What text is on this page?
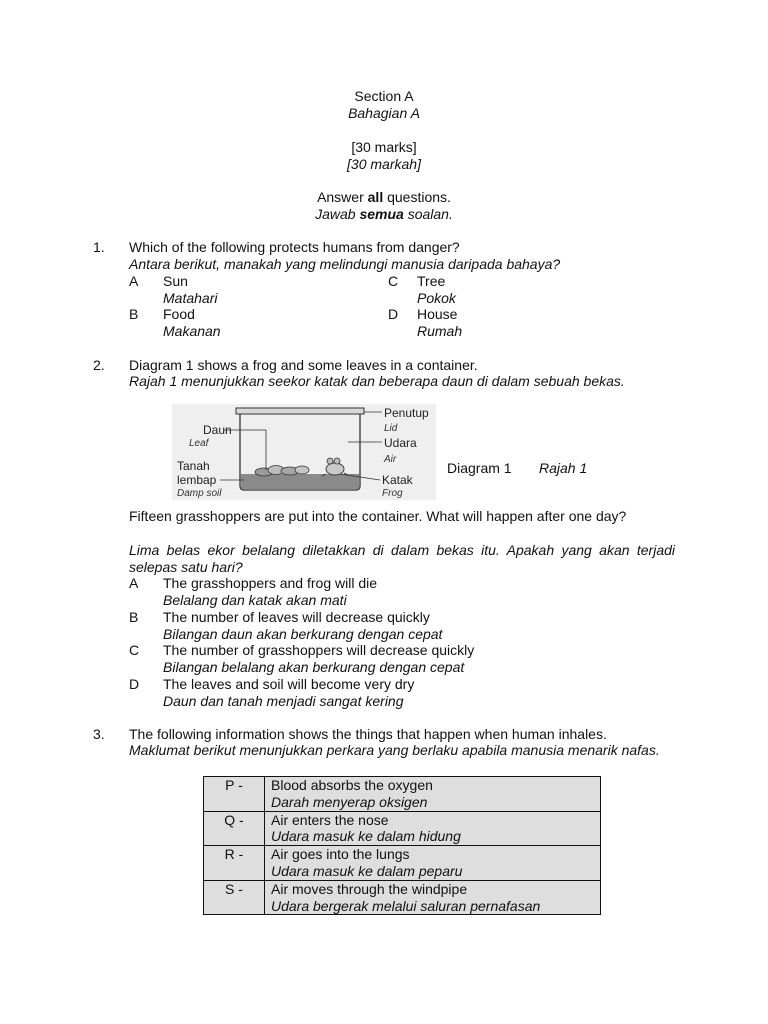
Section A
Bahagian A
[30 marks]
[30 markah]
Answer all questions.
Jawab semua soalan.
1. Which of the following protects humans from danger?
Antara berikut, manakah yang melindungi manusia daripada bahaya?
A Sun
Matahari
B Food
Makanan
C Tree
Pokok
D House
Rumah
2. Diagram 1 shows a frog and some leaves in a container.
Rajah 1 menunjukkan seekor katak dan beberapa daun di dalam sebuah bekas.
Daun
Leaf
Tanah
lembap
Damp soil
Penutup
Lid
Udara
Air
Katak
Frog
Diagram 1 Rajah 1
Fifteen grasshoppers are put into the container. What will happen after one day?
Lima belas ekor belalang diletakkan di dalam bekas itu. Apakah yang akan terjadi selepas satu hari?
A The grasshoppers and frog will die
Belalang dan katak akan mati
B The number of leaves will decrease quickly
Bilangan daun akan berkurang dengan cepat
C The number of grasshoppers will decrease quickly
Bilangan belalang akan berkurang dengan cepat
D The leaves and soil will become very dry
Daun dan tanah menjadi sangat kering
3. The following information shows the things that happen when human inhales.
Maklumat berikut menunjukkan perkara yang berlaku apabila manusia menarik nafas.
P -	Blood absorbs the oxygen
Darah menyerap oksigen

Q -	Air enters the nose
Udara masuk ke dalam hidung

R -	Air goes into the lungs
Udara masuk ke dalam peparu

S -	Air moves through the windpipe
Udara bergerak melalui saluran pernafasan
